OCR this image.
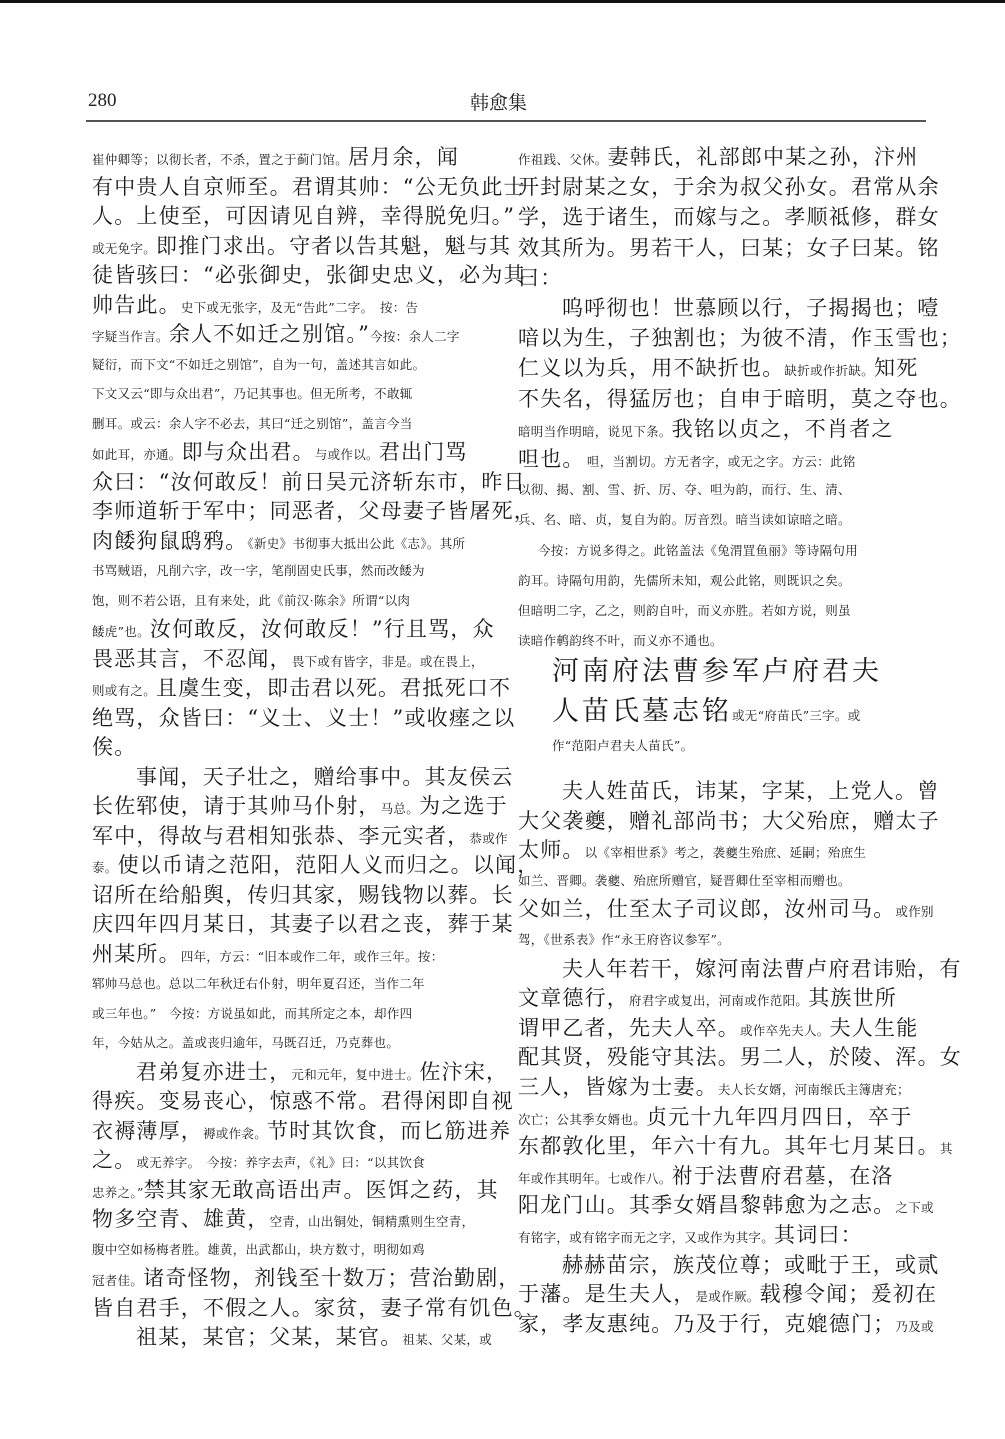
280	韩愈集
崔仲卿等；以彻长者，不杀，置之于蓟门馆。居月余，闻
有中贵人自京师至。君谓其帅：“公无负此士
人。上使至，可因请见自辨，幸得脱免归。”
或无免字。即推门求出。守者以告其魁，魁与其
徒皆骇曰：“必张御史，张御史忠义，必为其
帅告此。史下或无张字，及无“告此”二字。　按：告
字疑当作言。余人不如迁之别馆。”今按：余人二字
疑衍，而下文“不如迁之别馆”，自为一句，盖述其言如此。
下文又云“即与众出君”，乃记其事也。但无所考，不敢辄
删耳。或云：余人字不必去，其曰“迁之别馆”，盖言今当
如此耳，亦通。即与众出君。与或作以。君出门骂
众曰：“汝何敢反！前日吴元济斩东市，昨日
李师道斩于军中；同恶者，父母妻子皆屠死，
肉餧狗鼠鸱鸦。《新史》书彻事大抵出公此《志》。其所
书骂贼语，凡削六字，改一字，笔削固史氏事，然而改餧为
饱，则不若公语，且有来处，此《前汉·陈余》所谓“以肉
餧虎”也。汝何敢反，汝何敢反！”行且骂，众
畏恶其言，不忍闻，畏下或有皆字，非是。或在畏上，
则或有之。且虞生变，即击君以死。君抵死口不
绝骂，众皆曰：“义士、义士！”或收瘗之以
俟。
事闻，天子壮之，赠给事中。其友侯云
长佐郓使，请于其帅马仆射，马总。为之选于
军中，得故与君相知张恭、李元实者，恭或作
泰。使以币请之范阳，范阳人义而归之。以闻，
诏所在给船舆，传归其家，赐钱物以葬。长
庆四年四月某日，其妻子以君之丧，葬于某
州某所。四年，方云：“旧本或作二年，或作三年。按：
郓帅马总也。总以二年秋迁右仆射，明年夏召还，当作二年
或三年也。”　今按：方说虽如此，而其所定之本，却作四
年，今姑从之。盖或丧归逾年，马既召迁，乃克葬也。
君弟复亦进士，元和元年，复中进士。佐汴宋，
得疾。变易丧心，惊惑不常。君得闲即自视
衣褥薄厚，褥或作衾。节时其饮食，而匕筋进养
之。或无养字。　今按：养字去声，《礼》曰：“以其饮食
忠养之。”禁其家无敢高语出声。医饵之药，其
物多空青、雄黄，空青，山出铜处，铜精熏则生空青，
腹中空如杨梅者胜。雄黄，出武都山，块方数寸，明彻如鸡
冠者佳。诸奇怪物，剂钱至十数万；营治勤剧，
皆自君手，不假之人。家贫，妻子常有饥色。
祖某，某官；父某，某官。祖某、父某，或
作祖践、父休。妻韩氏，礼部郎中某之孙，汴州
开封尉某之女，于余为叔父孙女。君常从余
学，选于诸生，而嫁与之。孝顺祗修，群女
效其所为。男若干人，曰某；女子曰某。铭
曰：
呜呼彻也！世慕顾以行，子揭揭也；噎
喑以为生，子独割也；为彼不清，作玉雪也；
仁义以为兵，用不缺折也。缺折或作折缺。知死
不失名，得猛厉也；自申于暗明，莫之夺也。
暗明当作明暗，说见下条。我铭以贞之，不肖者之
呾也。　呾，当割切。方无者字，或无之字。方云：此铭
以彻、揭、割、雪、折、厉、夺、呾为韵，而行、生、清、
兵、名、暗、贞，复自为韵。厉音烈。暗当读如谅暗之暗。
今按：方说多得之。此铭盖法《兔渭罝鱼丽》等诗隔句用
韵耳。诗隔句用韵，先儒所未知，观公此铭，则既识之矣。
但暗明二字，乙之，则韵自叶，而义亦胜。若如方说，则虽
读暗作鹌韵终不叶，而义亦不通也。
河南府法曹参军卢府君夫
人苗氏墓志铭或无“府苗氏”三字。或
作“范阳卢君夫人苗氏”。
夫人姓苗氏，讳某，字某，上党人。曾
大父袭夔，赠礼部尚书；大父殆庶，赠太子
太师。以《宰相世系》考之，袭夔生殆庶、延嗣；殆庶生
如兰、晋卿。袭夔、殆庶所赠官，疑晋卿仕至宰相而赠也。
父如兰，仕至太子司议郎，汝州司马。或作别
驾，《世系表》作“永王府咨议参军”。
夫人年若干，嫁河南法曹卢府君讳贻，有
文章德行，府君字或复出，河南或作范阳。其族世所
谓甲乙者，先夫人卒。或作卒先夫人。夫人生能
配其贤，殁能守其法。男二人，於陵、浑。女
三人，皆嫁为士妻。夫人长女婿，河南缑氏主簿唐充；
次亡；公其季女婿也。贞元十九年四月四日，卒于
东都敦化里，年六十有九。其年七月某日。其
年或作其明年。七或作八。祔于法曹府君墓，在洛
阳龙门山。其季女婿昌黎韩愈为之志。之下或
有铭字，或有铭字而无之字，又或作为其字。其词曰：
赫赫苗宗，族茂位尊；或毗于王，或贰
于藩。是生夫人，是或作厥。载穆令闻；爰初在
家，孝友惠纯。乃及于行，克媲德门；乃及或
